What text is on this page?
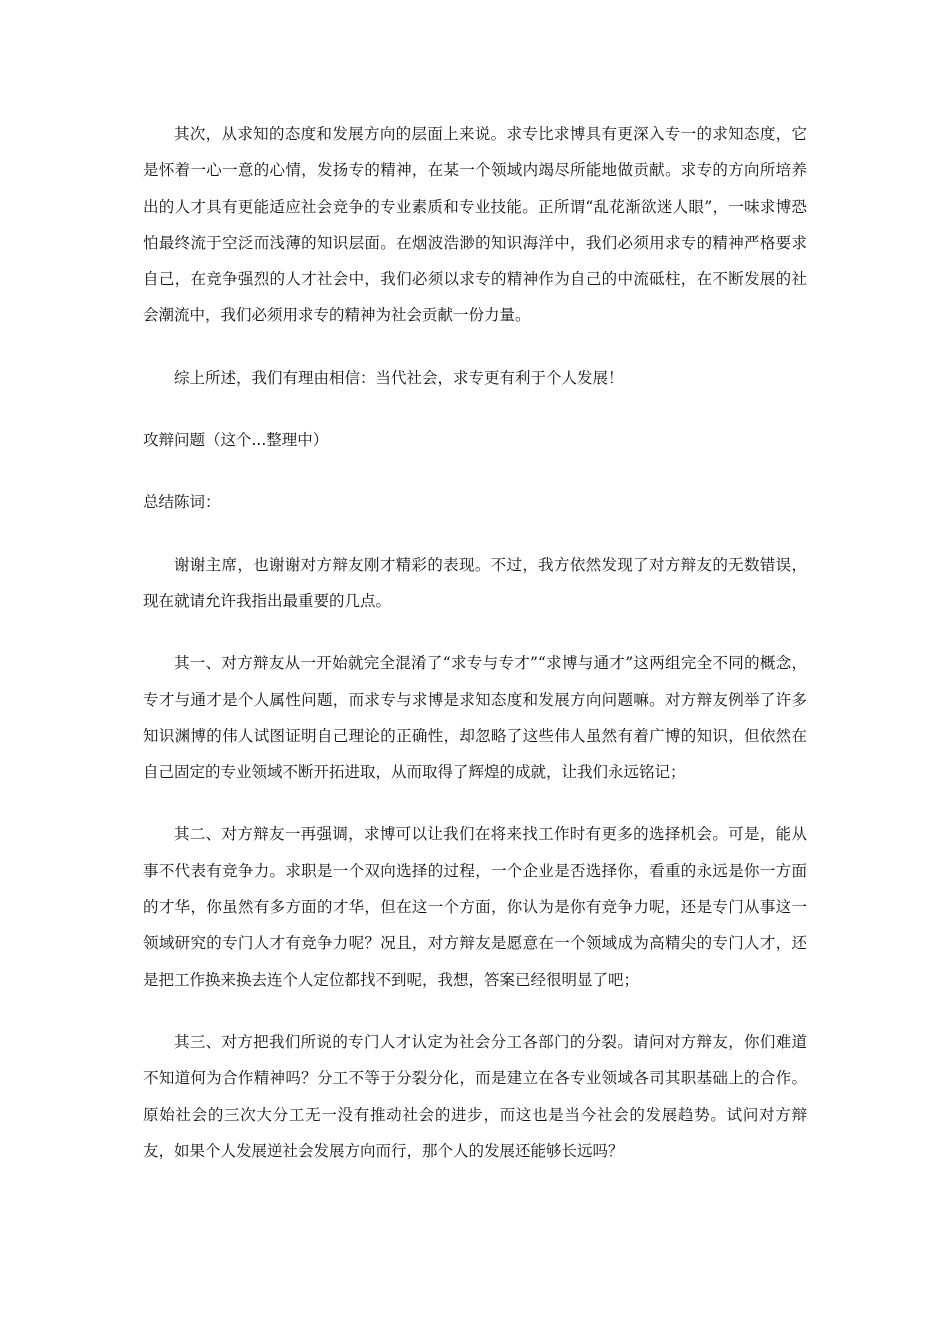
其次，从求知的态度和发展方向的层面上来说。求专比求博具有更深入专一的求知态度，它是怀着一心一意的心情，发扬专的精神，在某一个领域内竭尽所能地做贡献。求专的方向所培养出的人才具有更能适应社会竞争的专业素质和专业技能。正所谓“乱花渐欲迷人眼”，一味求博恐怕最终流于空泛而浅薄的知识层面。在烟波浩渺的知识海洋中，我们必须用求专的精神严格要求自己，在竞争强烈的人才社会中，我们必须以求专的精神作为自己的中流砥柱，在不断发展的社会潮流中，我们必须用求专的精神为社会贡献一份力量。

综上所述，我们有理由相信：当代社会，求专更有利于个人发展！

攻辩问题（这个...整理中）

总结陈词：

谢谢主席，也谢谢对方辩友刚才精彩的表现。不过，我方依然发现了对方辩友的无数错误，现在就请允许我指出最重要的几点。

其一、对方辩友从一开始就完全混淆了“求专与专才”“求博与通才”这两组完全不同的概念，专才与通才是个人属性问题，而求专与求博是求知态度和发展方向问题嘛。对方辩友例举了许多知识渊博的伟人试图证明自己理论的正确性，却忽略了这些伟人虽然有着广博的知识，但依然在自己固定的专业领域不断开拓进取，从而取得了辉煌的成就，让我们永远铭记；

其二、对方辩友一再强调，求博可以让我们在将来找工作时有更多的选择机会。可是，能从事不代表有竞争力。求职是一个双向选择的过程，一个企业是否选择你，看重的永远是你一方面的才华，你虽然有多方面的才华，但在这一个方面，你认为是你有竞争力呢，还是专门从事这一领域研究的专门人才有竞争力呢？况且，对方辩友是愿意在一个领域成为高精尖的专门人才，还是把工作换来换去连个人定位都找不到呢，我想，答案已经很明显了吧；

其三、对方把我们所说的专门人才认定为社会分工各部门的分裂。请问对方辩友，你们难道不知道何为合作精神吗？分工不等于分裂分化，而是建立在各专业领域各司其职基础上的合作。原始社会的三次大分工无一没有推动社会的进步，而这也是当今社会的发展趋势。试问对方辩友，如果个人发展逆社会发展方向而行，那个人的发展还能够长远吗？
